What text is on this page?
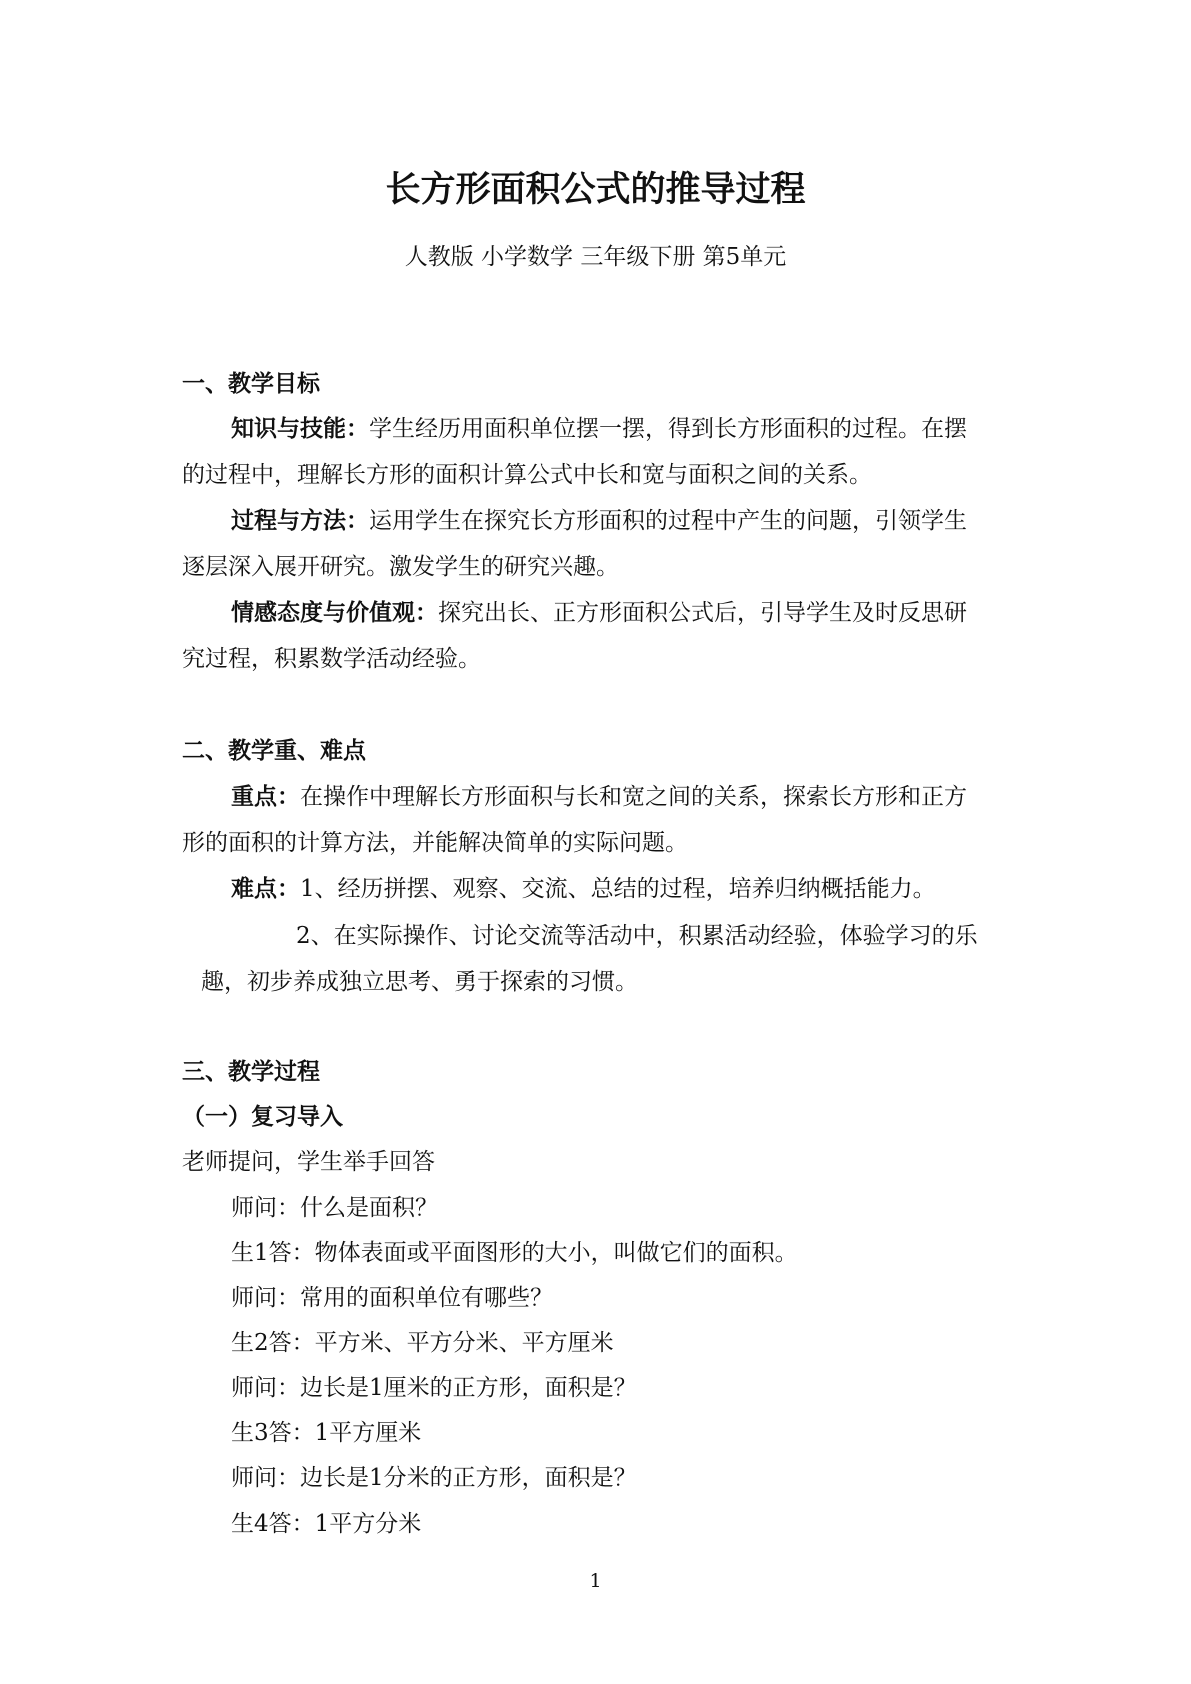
长方形面积公式的推导过程
人教版 小学数学 三年级下册 第5单元
一、教学目标
知识与技能：学生经历用面积单位摆一摆，得到长方形面积的过程。在摆
的过程中，理解长方形的面积计算公式中长和宽与面积之间的关系。
过程与方法：运用学生在探究长方形面积的过程中产生的问题，引领学生
逐层深入展开研究。激发学生的研究兴趣。
情感态度与价值观：探究出长、正方形面积公式后，引导学生及时反思研
究过程，积累数学活动经验。
二、教学重、难点
重点：在操作中理解长方形面积与长和宽之间的关系，探索长方形和正方
形的面积的计算方法，并能解决简单的实际问题。
难点：1、经历拼摆、观察、交流、总结的过程，培养归纳概括能力。
2、在实际操作、讨论交流等活动中，积累活动经验，体验学习的乐
趣，初步养成独立思考、勇于探索的习惯。
三、教学过程
（一）复习导入
老师提问，学生举手回答
师问：什么是面积？
生1答：物体表面或平面图形的大小，叫做它们的面积。
师问：常用的面积单位有哪些？
生2答：平方米、平方分米、平方厘米
师问：边长是1厘米的正方形，面积是？
生3答：1平方厘米
师问：边长是1分米的正方形，面积是？
生4答：1平方分米
1
